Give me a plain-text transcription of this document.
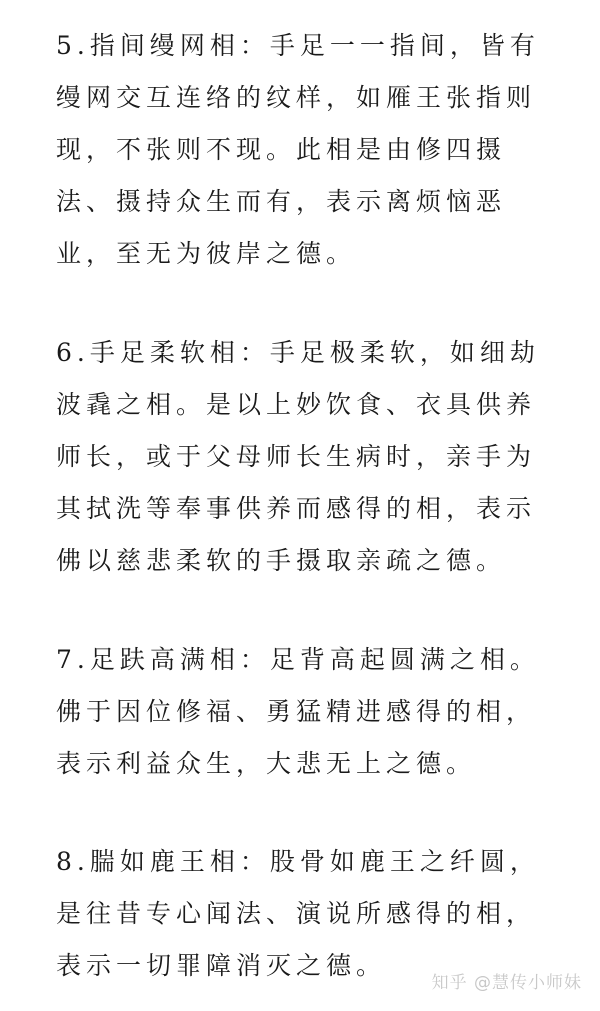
5.指间缦网相：手足一一指间，皆有
缦网交互连络的纹样，如雁王张指则
现，不张则不现。此相是由修四摄
法、摄持众生而有，表示离烦恼恶
业，至无为彼岸之德。
6.手足柔软相：手足极柔软，如细劫
波毳之相。是以上妙饮食、衣具供养
师长，或于父母师长生病时，亲手为
其拭洗等奉事供养而感得的相，表示
佛以慈悲柔软的手摄取亲疏之德。
7.足趺高满相：足背高起圆满之相。
佛于因位修福、勇猛精进感得的相，
表示利益众生，大悲无上之德。
8.腨如鹿王相：股骨如鹿王之纤圆，
是往昔专心闻法、演说所感得的相，
表示一切罪障消灭之德。
知乎 @慧传小师妹
